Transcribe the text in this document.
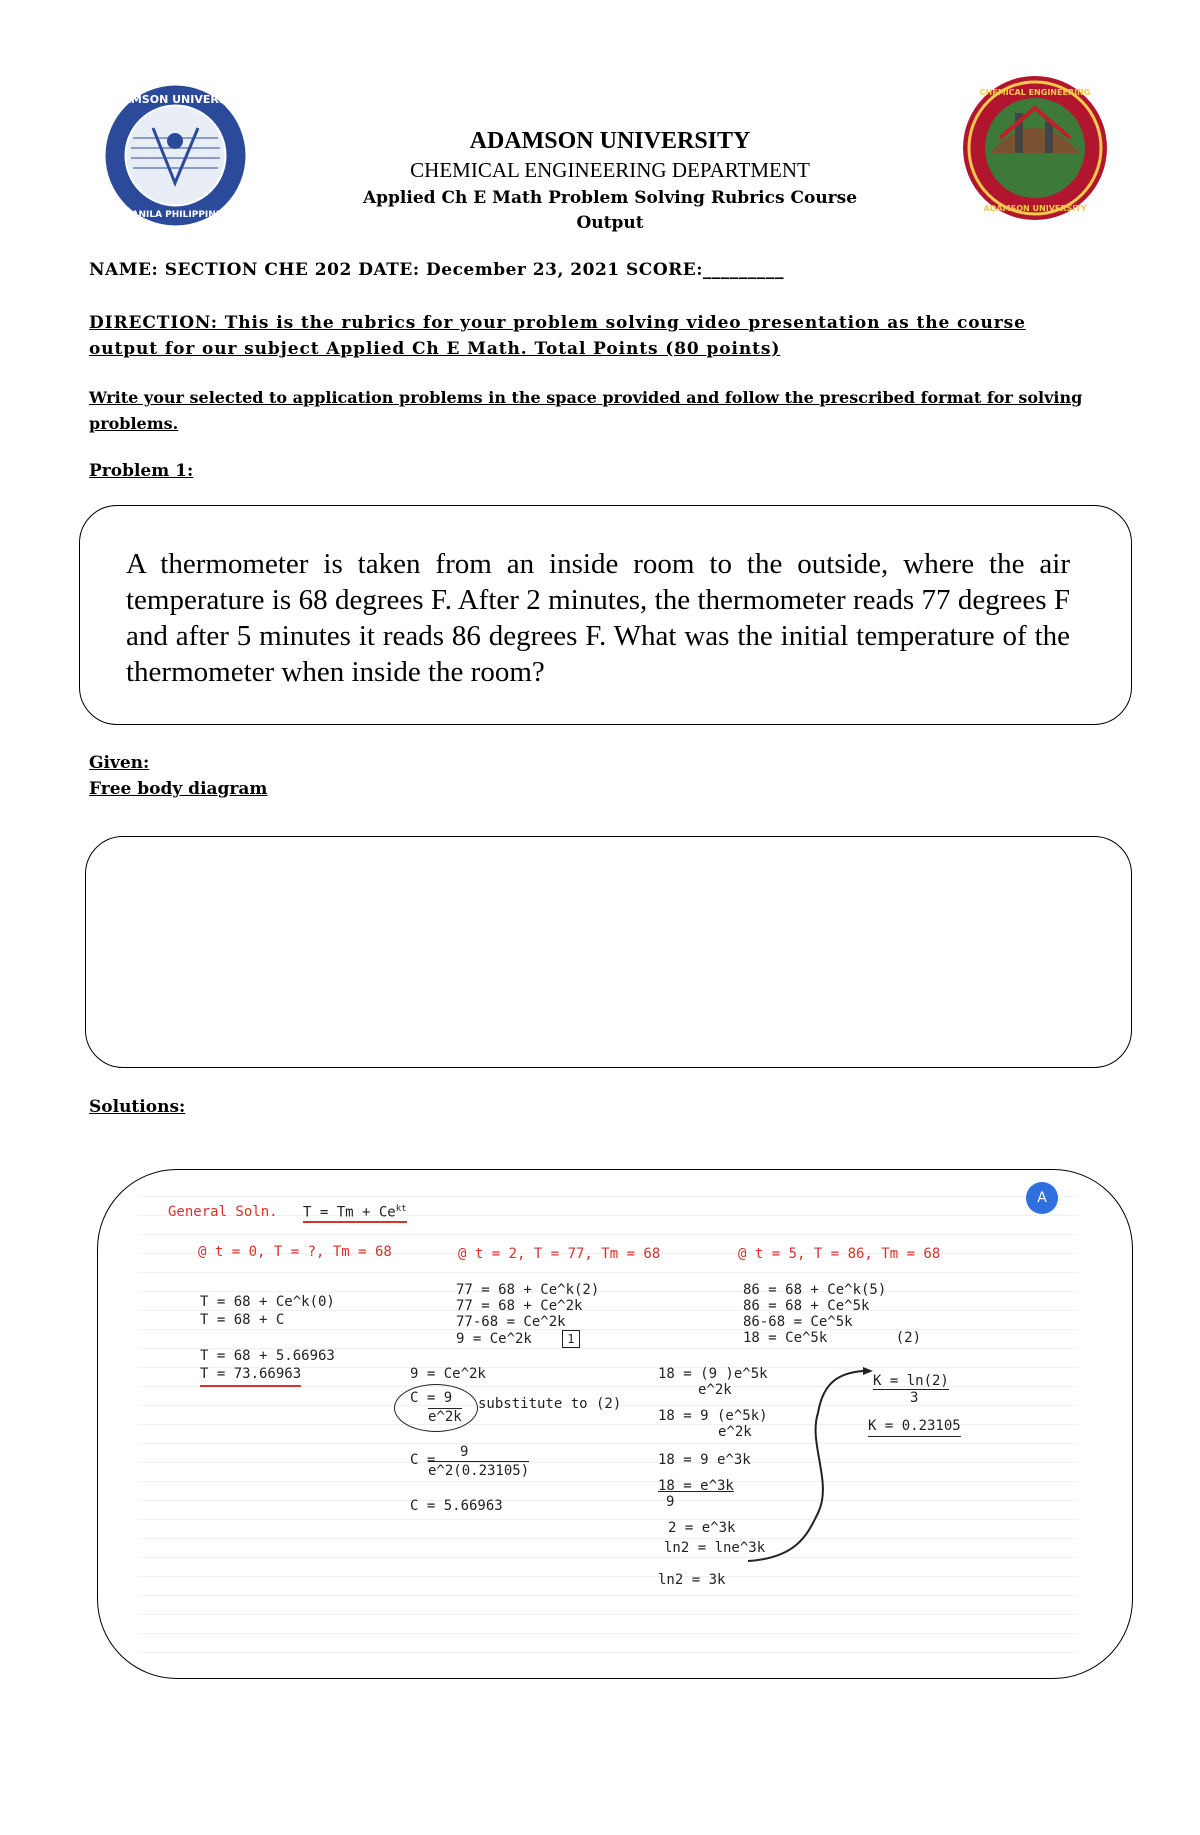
ADAMSON UNIVERSITY
MANILA PHILIPPINES
CHEMICAL ENGINEERING
ADAMSON UNIVERSITY
ADAMSON UNIVERSITY
CHEMICAL ENGINEERING DEPARTMENT
Applied Ch E Math Problem Solving Rubrics Course
Output
NAME: SECTION CHE 202 DATE: December 23, 2021 SCORE:_________
DIRECTION: This is the rubrics for your problem solving video presentation as the course
output for our subject Applied Ch E Math. Total Points (80 points)
Write your selected to application problems in the space provided and follow the prescribed format for solving
problems.
Problem 1:
A thermometer is taken from an inside room to the outside, where the air temperature is 68 degrees F. After 2 minutes, the thermometer reads 77 degrees F and after 5 minutes it reads 86 degrees F. What was the initial temperature of the thermometer when inside the room?
Given:
Free body diagram
Solutions:
A
General Soln. $T = Tm + Ce^{kt}$
@ t = 0, T = ?, Tm = 68	@ t = 2, T = 77, Tm = 68	@ t = 5, T = 86, Tm = 68
T = 68 + Ce^k(0)
T = 68 + C
T = 68 + 5.66963
T = 73.66963
77 = 68 + Ce^k(2)
77 = 68 + Ce^2k
77-68 = Ce^2k
9 = Ce^2k	1
86 = 68 + Ce^k(5)
86 = 68 + Ce^5k
86-68 = Ce^5k
18 = Ce^5k	(2)
9 = Ce^2k
C = 9
e^2k
substitute to (2)
C = 9
e^2(0.23105)
C = 5.66963
18 = (9 )e^5k
e^2k
18 = 9 (e^5k)
e^2k
18 = 9 e^3k
18 = e^3k
9
2 = e^3k
ln2 = lne^3k
ln2 = 3k
K = ln(2)
3
K = 0.23105
